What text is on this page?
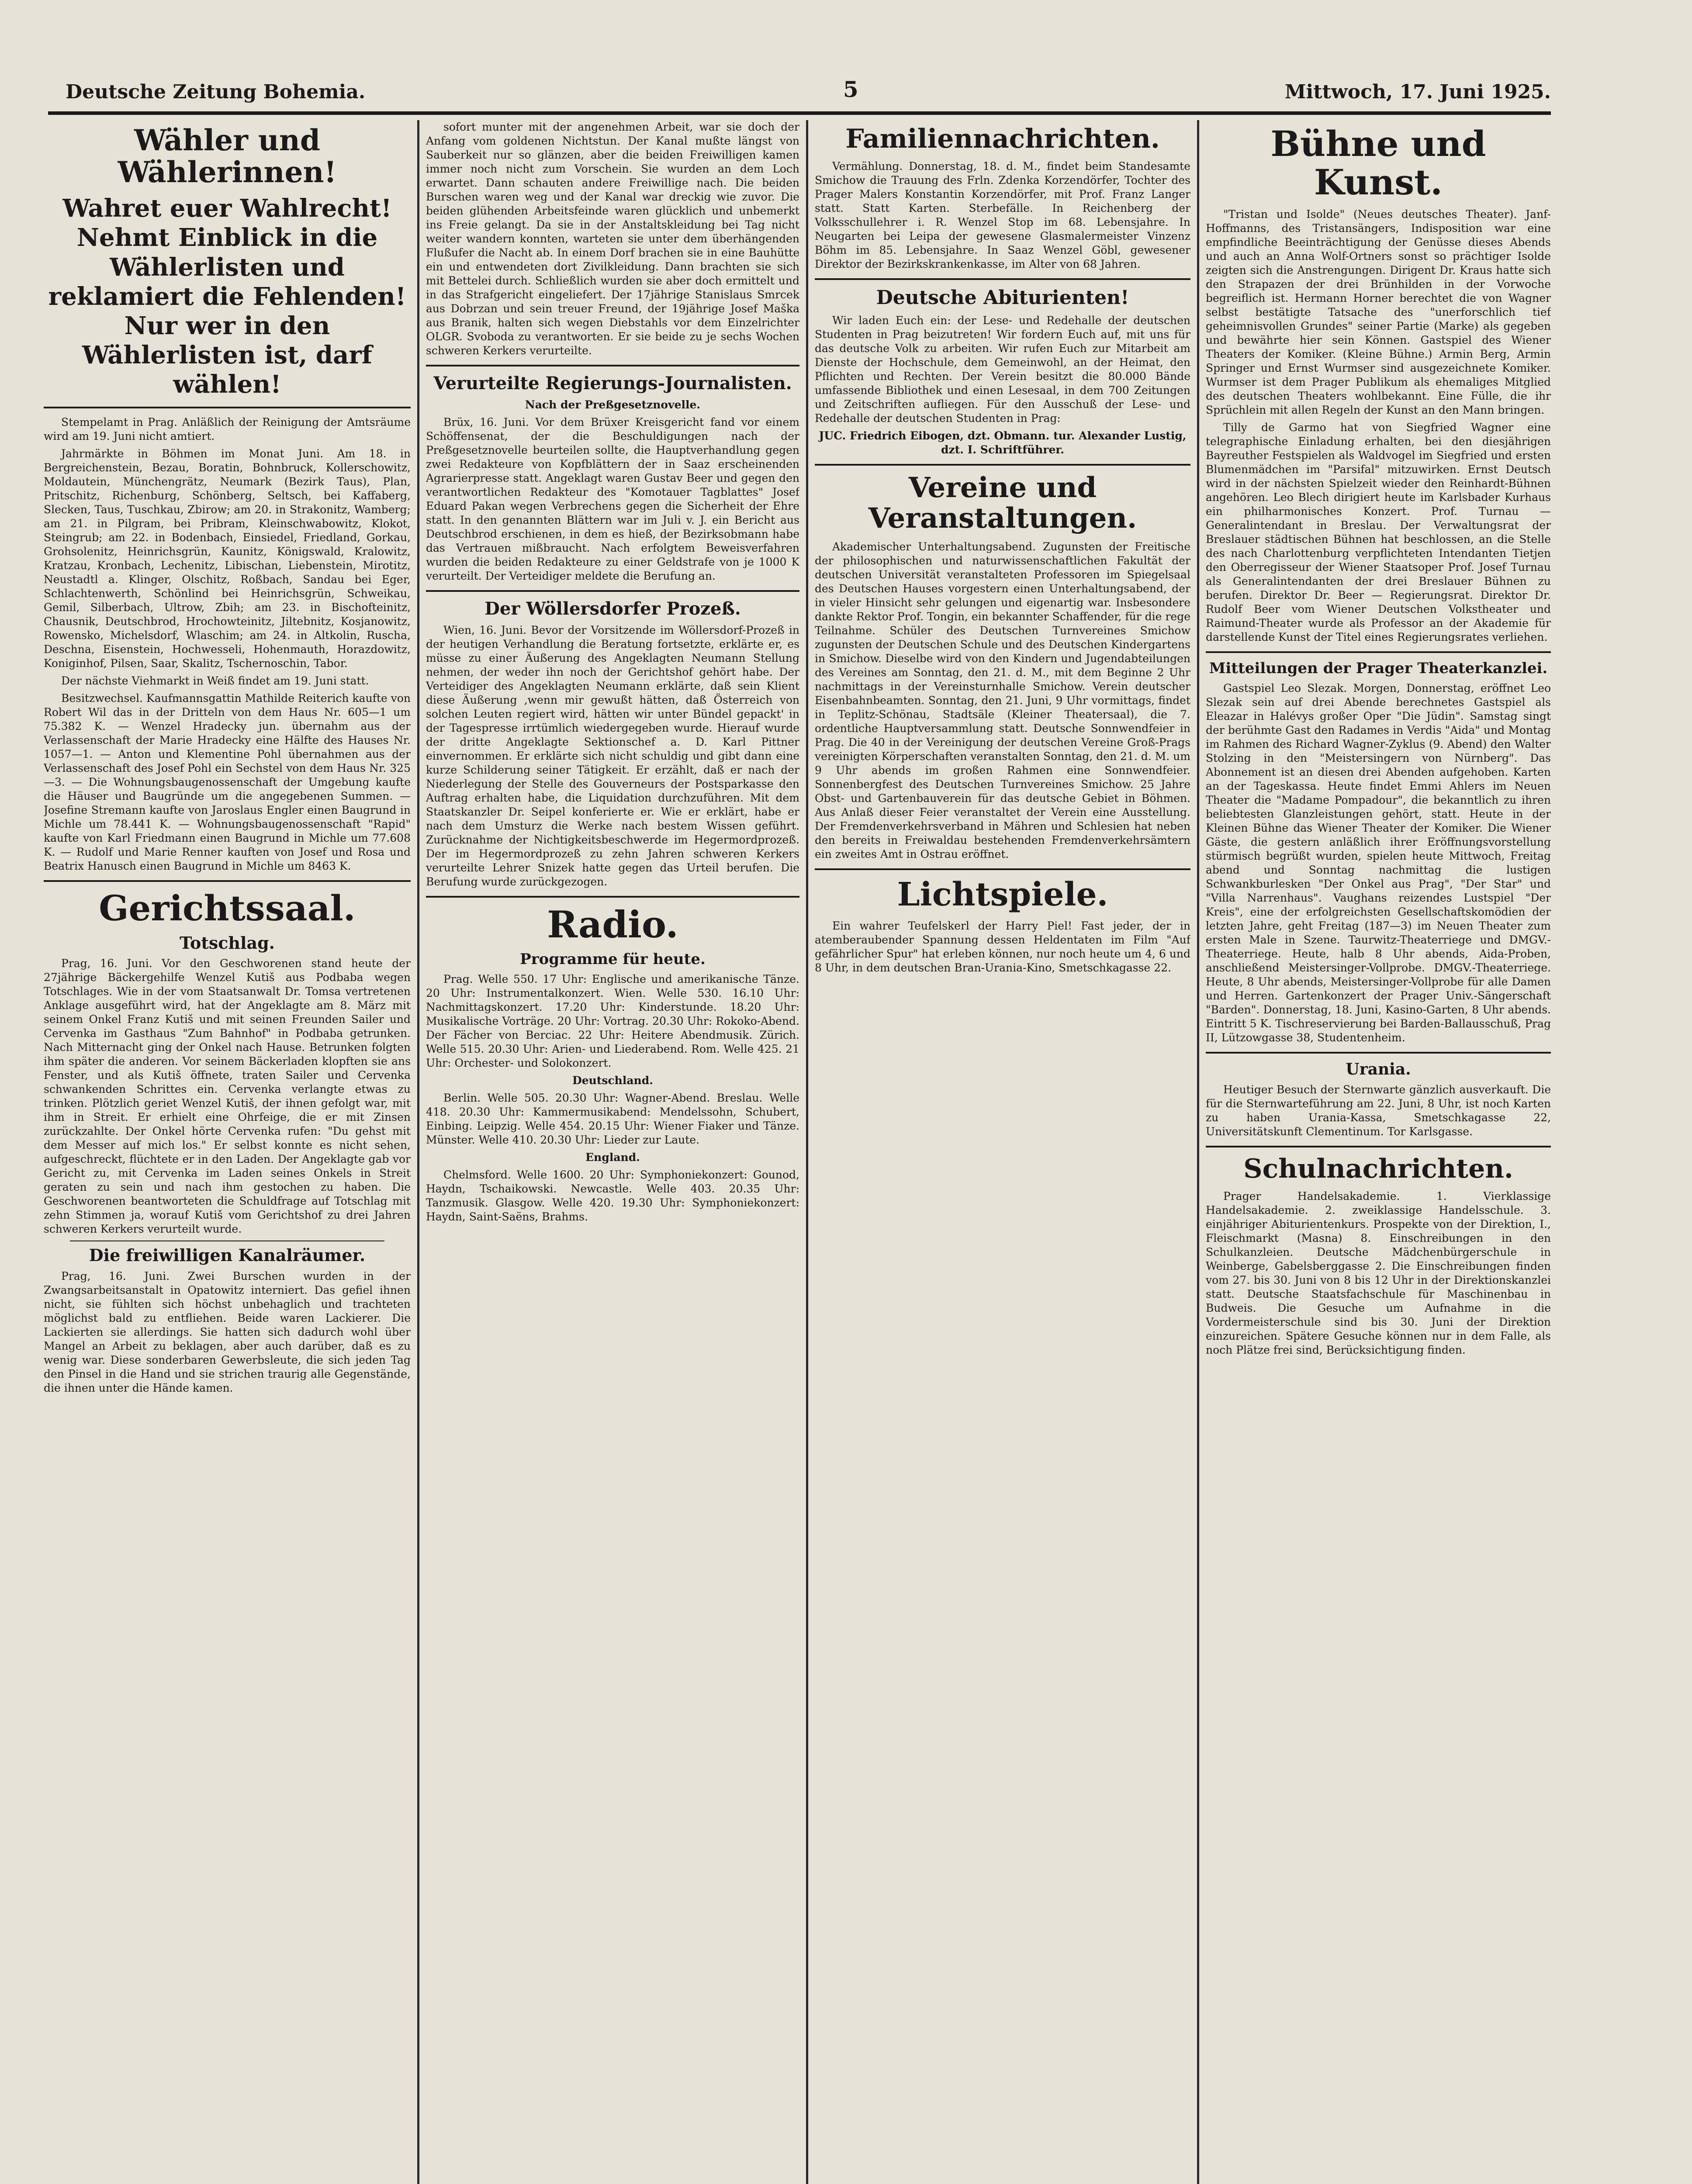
Deutsche Zeitung Bohemia.	5	Mittwoch, 17. Juni 1925.
Wähler und Wählerinnen!
Wahret euer Wahlrecht! Nehmt Einblick in die Wählerlisten und reklamiert die Fehlenden! Nur wer in den Wählerlisten ist, darf wählen!

Stempelamt in Prag. Anläßlich der Reinigung der Amtsräume wird am 19. Juni nicht amtiert.

Jahrmärkte in Böhmen im Monat Juni. Am 18. in Bergreichenstein, Bezau, Boratin, Bohnbruck, Kollerschowitz, Moldautein, Münchengrätz, Neumark (Bezirk Taus), Plan, Pritschitz, Richenburg, Schönberg, Seltsch, bei Kaffaberg, Slecken, Taus, Tuschkau, Zbirow; am 20. in Strakonitz, Wamberg; am 21. in Pilgram, bei Pribram, Kleinschwabowitz, Klokot, Steingrub; am 22. in Bodenbach, Einsiedel, Friedland, Gorkau, Grohsolenitz, Heinrichsgrün, Kaunitz, Königswald, Kralowitz, Kratzau, Kronbach, Lechenitz, Libischan, Liebenstein, Mirotitz, Neustadtl a. Klinger, Olschitz, Roßbach, Sandau bei Eger, Schlachtenwerth, Schönlind bei Heinrichsgrün, Schweikau, Gemil, Silberbach, Ultrow, Zbih; am 23. in Bischofteinitz, Chausnik, Deutschbrod, Hrochowteinitz, Jiltebnitz, Kosjanowitz, Rowensko, Michelsdorf, Wlaschim; am 24. in Altkolin, Ruscha, Deschna, Eisenstein, Hochwesseli, Hohenmauth, Horazdowitz, Koniginhof, Pilsen, Saar, Skalitz, Tschernoschin, Tabor.

Der nächste Viehmarkt in Weiß findet am 19. Juni statt.

Besitzwechsel. Kaufmannsgattin Mathilde Reiterich kaufte von Robert Wil das in der Dritteln von dem Haus Nr. 605—1 um 75.382 K. — Wenzel Hradecky jun. übernahm aus der Verlassenschaft der Marie Hradecky eine Hälfte des Hauses Nr. 1057—1. — Anton und Klementine Pohl übernahmen aus der Verlassenschaft des Josef Pohl ein Sechstel von dem Haus Nr. 325—3. — Die Wohnungsbaugenossenschaft der Umgebung kaufte die Häuser und Baugründe um die angegebenen Summen. — Josefine Stremann kaufte von Jaroslaus Engler einen Baugrund in Michle um 78.441 K. — Wohnungsbaugenossenschaft "Rapid" kaufte von Karl Friedmann einen Baugrund in Michle um 77.608 K. — Rudolf und Marie Renner kauften von Josef und Rosa und Beatrix Hanusch einen Baugrund in Michle um 8463 K.

Gerichtssaal.
Totschlag.

Prag, 16. Juni. Vor den Geschworenen stand heute der 27jährige Bäckergehilfe Wenzel Kutiš aus Podbaba wegen Totschlages. Wie in der vom Staatsanwalt Dr. Tomsa vertretenen Anklage ausgeführt wird, hat der Angeklagte am 8. März mit seinem Onkel Franz Kutiš und mit seinen Freunden Sailer und Cervenka im Gasthaus "Zum Bahnhof" in Podbaba getrunken. Nach Mitternacht ging der Onkel nach Hause. Betrunken folgten ihm später die anderen. Vor seinem Bäckerladen klopften sie ans Fenster, und als Kutiš öffnete, traten Sailer und Cervenka schwankenden Schrittes ein. Cervenka verlangte etwas zu trinken. Plötzlich geriet Wenzel Kutiš, der ihnen gefolgt war, mit ihm in Streit. Er erhielt eine Ohrfeige, die er mit Zinsen zurückzahlte. Der Onkel hörte Cervenka rufen: "Du gehst mit dem Messer auf mich los." Er selbst konnte es nicht sehen, aufgeschreckt, flüchtete er in den Laden. Der Angeklagte gab vor Gericht zu, mit Cervenka im Laden seines Onkels in Streit geraten zu sein und nach ihm gestochen zu haben. Die Geschworenen beantworteten die Schuldfrage auf Totschlag mit zehn Stimmen ja, worauf Kutiš vom Gerichtshof zu drei Jahren schweren Kerkers verurteilt wurde.

Die freiwilligen Kanalräumer.

Prag, 16. Juni. Zwei Burschen wurden in der Zwangsarbeitsanstalt in Opatowitz interniert. Das gefiel ihnen nicht, sie fühlten sich höchst unbehaglich und trachteten möglichst bald zu entfliehen. Beide waren Lackierer. Die Lackierten sie allerdings. Sie hatten sich dadurch wohl über Mangel an Arbeit zu beklagen, aber auch darüber, daß es zu wenig war. Diese sonderbaren Gewerbsleute, die sich jeden Tag den Pinsel in die Hand und sie strichen traurig alle Gegenstände, die ihnen unter die Hände kamen.

sofort munter mit der angenehmen Arbeit, war sie doch der Anfang vom goldenen Nichtstun. Der Kanal mußte längst von Sauberkeit nur so glänzen, aber die beiden Freiwilligen kamen immer noch nicht zum Vorschein. Sie wurden an dem Loch erwartet. Dann schauten andere Freiwillige nach. Die beiden Burschen waren weg und der Kanal war dreckig wie zuvor. Die beiden glühenden Arbeitsfeinde waren glücklich und unbemerkt ins Freie gelangt. Da sie in der Anstaltskleidung bei Tag nicht weiter wandern konnten, warteten sie unter dem überhängenden Flußufer die Nacht ab. In einem Dorf brachen sie in eine Bauhütte ein und entwendeten dort Zivilkleidung. Dann brachten sie sich mit Bettelei durch. Schließlich wurden sie aber doch ermittelt und in das Strafgericht eingeliefert. Der 17jährige Stanislaus Smrcek aus Dobrzan und sein treuer Freund, der 19jährige Josef Maška aus Branik, halten sich wegen Diebstahls vor dem Einzelrichter OLGR. Svoboda zu verantworten. Er sie beide zu je sechs Wochen schweren Kerkers verurteilte.

Verurteilte Regierungs-Journalisten.

Nach der Preßgesetznovelle.

Brüx, 16. Juni. Vor dem Brüxer Kreisgericht fand vor einem Schöffensenat, der die Beschuldigungen nach der Preßgesetznovelle beurteilen sollte, die Hauptverhandlung gegen zwei Redakteure von Kopfblättern der in Saaz erscheinenden Agrarierpresse statt. Angeklagt waren Gustav Beer und gegen den verantwortlichen Redakteur des "Komotauer Tagblattes" Josef Eduard Pakan wegen Verbrechens gegen die Sicherheit der Ehre statt. In den genannten Blättern war im Juli v. J. ein Bericht aus Deutschbrod erschienen, in dem es hieß, der Bezirksobmann habe das Vertrauen mißbraucht. Nach erfolgtem Beweisverfahren wurden die beiden Redakteure zu einer Geldstrafe von je 1000 K verurteilt. Der Verteidiger meldete die Berufung an.

Der Wöllersdorfer Prozeß.

Wien, 16. Juni. Bevor der Vorsitzende im Wöllersdorf-Prozeß in der heutigen Verhandlung die Beratung fortsetzte, erklärte er, es müsse zu einer Äußerung des Angeklagten Neumann Stellung nehmen, der weder ihn noch der Gerichtshof gehört habe. Der Verteidiger des Angeklagten Neumann erklärte, daß sein Klient diese Äußerung ,wenn mir gewußt hätten, daß Österreich von solchen Leuten regiert wird, hätten wir unter Bündel gepackt' in der Tagespresse irrtümlich wiedergegeben wurde. Hierauf wurde der dritte Angeklagte Sektionschef a. D. Karl Pittner einvernommen. Er erklärte sich nicht schuldig und gibt dann eine kurze Schilderung seiner Tätigkeit. Er erzählt, daß er nach der Niederlegung der Stelle des Gouverneurs der Postsparkasse den Auftrag erhalten habe, die Liquidation durchzuführen. Mit dem Staatskanzler Dr. Seipel konferierte er. Wie er erklärt, habe er nach dem Umsturz die Werke nach bestem Wissen geführt. Zurücknahme der Nichtigkeitsbeschwerde im Hegermordprozeß. Der im Hegermordprozeß zu zehn Jahren schweren Kerkers verurteilte Lehrer Snizek hatte gegen das Urteil berufen. Die Berufung wurde zurückgezogen.

Radio.
Programme für heute.

Prag. Welle 550. 17 Uhr: Englische und amerikanische Tänze. 20 Uhr: Instrumentalkonzert. Wien. Welle 530. 16.10 Uhr: Nachmittagskonzert. 17.20 Uhr: Kinderstunde. 18.20 Uhr: Musikalische Vorträge. 20 Uhr: Vortrag. 20.30 Uhr: Rokoko-Abend. Der Fächer von Berciac. 22 Uhr: Heitere Abendmusik. Zürich. Welle 515. 20.30 Uhr: Arien- und Liederabend. Rom. Welle 425. 21 Uhr: Orchester- und Solokonzert.

Deutschland.

Berlin. Welle 505. 20.30 Uhr: Wagner-Abend. Breslau. Welle 418. 20.30 Uhr: Kammermusikabend: Mendelssohn, Schubert, Einbing. Leipzig. Welle 454. 20.15 Uhr: Wiener Fiaker und Tänze. Münster. Welle 410. 20.30 Uhr: Lieder zur Laute.

England.

Chelmsford. Welle 1600. 20 Uhr: Symphoniekonzert: Gounod, Haydn, Tschaikowski. Newcastle. Welle 403. 20.35 Uhr: Tanzmusik. Glasgow. Welle 420. 19.30 Uhr: Symphoniekonzert: Haydn, Saint-Saëns, Brahms.

Familiennachrichten.

Vermählung. Donnerstag, 18. d. M., findet beim Standesamte Smichow die Trauung des Frln. Zdenka Korzendörfer, Tochter des Prager Malers Konstantin Korzendörfer, mit Prof. Franz Langer statt. Statt Karten. Sterbefälle. In Reichenberg der Volksschullehrer i. R. Wenzel Stop im 68. Lebensjahre. In Neugarten bei Leipa der gewesene Glasmalermeister Vinzenz Böhm im 85. Lebensjahre. In Saaz Wenzel Göbl, gewesener Direktor der Bezirkskrankenkasse, im Alter von 68 Jahren.

Deutsche Abiturienten!

Wir laden Euch ein: der Lese- und Redehalle der deutschen Studenten in Prag beizutreten! Wir fordern Euch auf, mit uns für das deutsche Volk zu arbeiten. Wir rufen Euch zur Mitarbeit am Dienste der Hochschule, dem Gemeinwohl, an der Heimat, den Pflichten und Rechten. Der Verein besitzt die 80.000 Bände umfassende Bibliothek und einen Lesesaal, in dem 700 Zeitungen und Zeitschriften aufliegen. Für den Ausschuß der Lese- und Redehalle der deutschen Studenten in Prag:

JUC. Friedrich Eibogen, dzt. Obmann. tur. Alexander Lustig, dzt. I. Schriftführer.

Vereine und Veranstaltungen.

Akademischer Unterhaltungsabend. Zugunsten der Freitische der philosophischen und naturwissenschaftlichen Fakultät der deutschen Universität veranstalteten Professoren im Spiegelsaal des Deutschen Hauses vorgestern einen Unterhaltungsabend, der in vieler Hinsicht sehr gelungen und eigenartig war. Insbesondere dankte Rektor Prof. Tongin, ein bekannter Schaffender, für die rege Teilnahme. Schüler des Deutschen Turnvereines Smichow zugunsten der Deutschen Schule und des Deutschen Kindergartens in Smichow. Dieselbe wird von den Kindern und Jugendabteilungen des Vereines am Sonntag, den 21. d. M., mit dem Beginne 2 Uhr nachmittags in der Vereinsturnhalle Smichow. Verein deutscher Eisenbahnbeamten. Sonntag, den 21. Juni, 9 Uhr vormittags, findet in Teplitz-Schönau, Stadtsäle (Kleiner Theatersaal), die 7. ordentliche Hauptversammlung statt. Deutsche Sonnwendfeier in Prag. Die 40 in der Vereinigung der deutschen Vereine Groß-Prags vereinigten Körperschaften veranstalten Sonntag, den 21. d. M. um 9 Uhr abends im großen Rahmen eine Sonnwendfeier. Sonnenbergfest des Deutschen Turnvereines Smichow. 25 Jahre Obst- und Gartenbauverein für das deutsche Gebiet in Böhmen. Aus Anlaß dieser Feier veranstaltet der Verein eine Ausstellung. Der Fremdenverkehrsverband in Mähren und Schlesien hat neben den bereits in Freiwaldau bestehenden Fremdenverkehrsämtern ein zweites Amt in Ostrau eröffnet.

Lichtspiele.

Ein wahrer Teufelskerl der Harry Piel! Fast jeder, der in atemberaubender Spannung dessen Heldentaten im Film "Auf gefährlicher Spur" hat erleben können, nur noch heute um 4, 6 und 8 Uhr, in dem deutschen Bran-Urania-Kino, Smetschkagasse 22.

Bühne und Kunst.

"Tristan und Isolde" (Neues deutsches Theater). Janf-Hoffmanns, des Tristansängers, Indisposition war eine empfindliche Beeinträchtigung der Genüsse dieses Abends und auch an Anna Wolf-Ortners sonst so prächtiger Isolde zeigten sich die Anstrengungen. Dirigent Dr. Kraus hatte sich den Strapazen der drei Brünhilden in der Vorwoche begreiflich ist. Hermann Horner berechtet die von Wagner selbst bestätigte Tatsache des "unerforschlich tief geheimnisvollen Grundes" seiner Partie (Marke) als gegeben und bewährte hier sein Können. Gastspiel des Wiener Theaters der Komiker. (Kleine Bühne.) Armin Berg, Armin Springer und Ernst Wurmser sind ausgezeichnete Komiker. Wurmser ist dem Prager Publikum als ehemaliges Mitglied des deutschen Theaters wohlbekannt. Eine Fülle, die ihr Sprüchlein mit allen Regeln der Kunst an den Mann bringen.

Tilly de Garmo hat von Siegfried Wagner eine telegraphische Einladung erhalten, bei den diesjährigen Bayreuther Festspielen als Waldvogel im Siegfried und ersten Blumenmädchen im "Parsifal" mitzuwirken. Ernst Deutsch wird in der nächsten Spielzeit wieder den Reinhardt-Bühnen angehören. Leo Blech dirigiert heute im Karlsbader Kurhaus ein philharmonisches Konzert. Prof. Turnau — Generalintendant in Breslau. Der Verwaltungsrat der Breslauer städtischen Bühnen hat beschlossen, an die Stelle des nach Charlottenburg verpflichteten Intendanten Tietjen den Oberregisseur der Wiener Staatsoper Prof. Josef Turnau als Generalintendanten der drei Breslauer Bühnen zu berufen. Direktor Dr. Beer — Regierungsrat. Direktor Dr. Rudolf Beer vom Wiener Deutschen Volkstheater und Raimund-Theater wurde als Professor an der Akademie für darstellende Kunst der Titel eines Regierungsrates verliehen.

Mitteilungen der Prager Theaterkanzlei.

Gastspiel Leo Slezak. Morgen, Donnerstag, eröffnet Leo Slezak sein auf drei Abende berechnetes Gastspiel als Eleazar in Halévys großer Oper "Die Jüdin". Samstag singt der berühmte Gast den Radames in Verdis "Aida" und Montag im Rahmen des Richard Wagner-Zyklus (9. Abend) den Walter Stolzing in den "Meistersingern von Nürnberg". Das Abonnement ist an diesen drei Abenden aufgehoben. Karten an der Tageskassa. Heute findet Emmi Ahlers im Neuen Theater die "Madame Pompadour", die bekanntlich zu ihren beliebtesten Glanzleistungen gehört, statt. Heute in der Kleinen Bühne das Wiener Theater der Komiker. Die Wiener Gäste, die gestern anläßlich ihrer Eröffnungsvorstellung stürmisch begrüßt wurden, spielen heute Mittwoch, Freitag abend und Sonntag nachmittag die lustigen Schwankburlesken "Der Onkel aus Prag", "Der Star" und "Villa Narrenhaus". Vaughans reizendes Lustspiel "Der Kreis", eine der erfolgreichsten Gesellschaftskomödien der letzten Jahre, geht Freitag (187—3) im Neuen Theater zum ersten Male in Szene. Taurwitz-Theaterriege und DMGV.-Theaterriege. Heute, halb 8 Uhr abends, Aida-Proben, anschließend Meistersinger-Vollprobe. DMGV.-Theaterriege. Heute, 8 Uhr abends, Meistersinger-Vollprobe für alle Damen und Herren. Gartenkonzert der Prager Univ.-Sängerschaft "Barden". Donnerstag, 18. Juni, Kasino-Garten, 8 Uhr abends. Eintritt 5 K. Tischreservierung bei Barden-Ballausschuß, Prag II, Lützowgasse 38, Studentenheim.

Urania.

Heutiger Besuch der Sternwarte gänzlich ausverkauft. Die für die Sternwarteführung am 22. Juni, 8 Uhr, ist noch Karten zu haben Urania-Kassa, Smetschkagasse 22, Universitätskunft Clementinum. Tor Karlsgasse.

Schulnachrichten.

Prager Handelsakademie. 1. Vierklassige Handelsakademie. 2. zweiklassige Handelsschule. 3. einjähriger Abiturientenkurs. Prospekte von der Direktion, I., Fleischmarkt (Masna) 8. Einschreibungen in den Schulkanzleien. Deutsche Mädchenbürgerschule in Weinberge, Gabelsberggasse 2. Die Einschreibungen finden vom 27. bis 30. Juni von 8 bis 12 Uhr in der Direktionskanzlei statt. Deutsche Staatsfachschule für Maschinenbau in Budweis. Die Gesuche um Aufnahme in die Vordermeisterschule sind bis 30. Juni der Direktion einzureichen. Spätere Gesuche können nur in dem Falle, als noch Plätze frei sind, Berücksichtigung finden.
